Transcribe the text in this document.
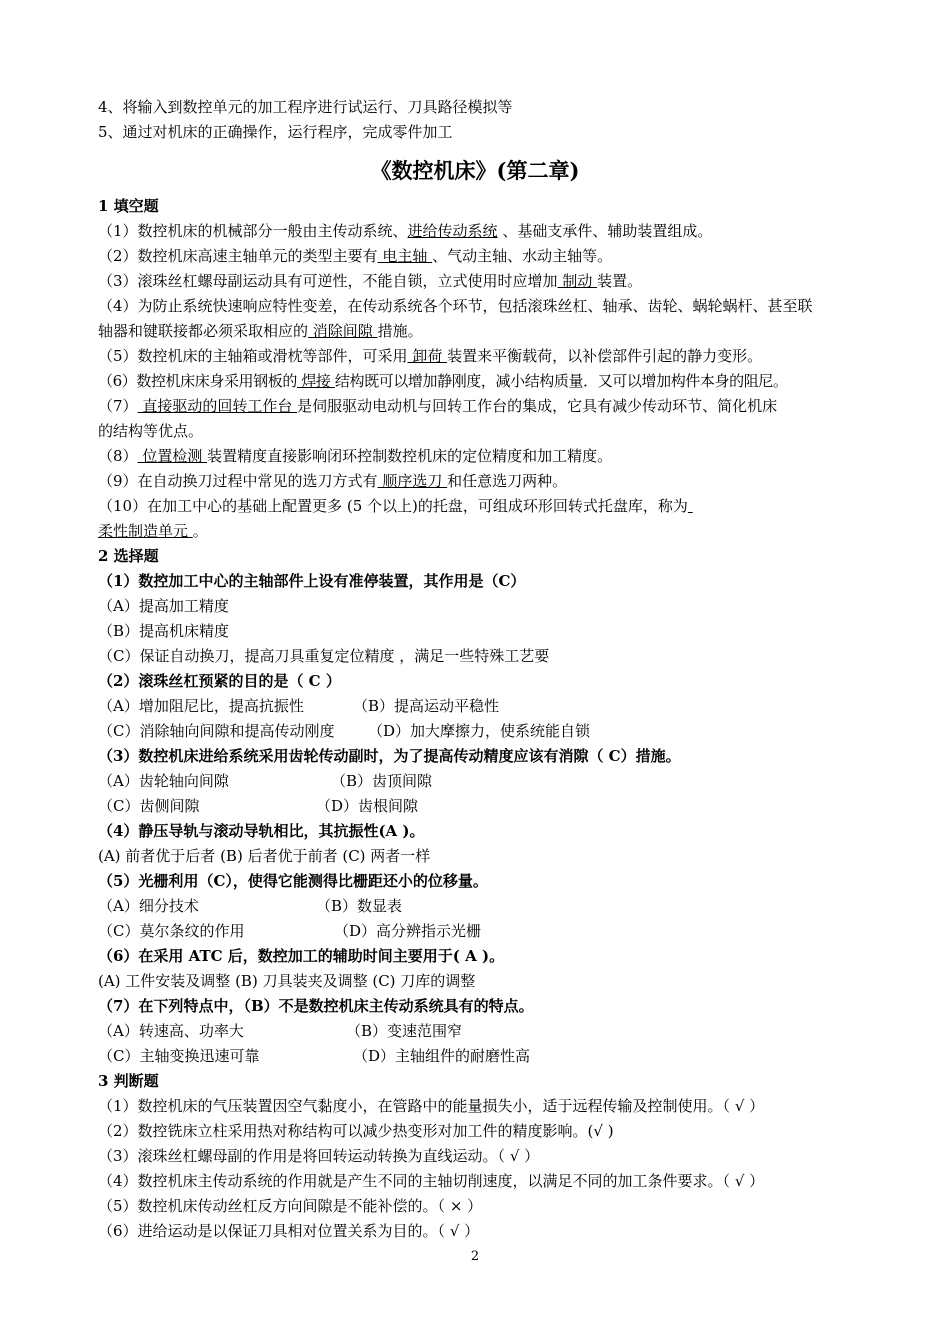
4、将输入到数控单元的加工程序进行试运行、刀具路径模拟等
5、通过对机床的正确操作，运行程序，完成零件加工
《数控机床》(第二章)
1 填空题
（1）数控机床的机械部分一般由主传动系统、进给传动系统 、基础支承件、辅助装置组成。
（2）数控机床高速主轴单元的类型主要有 电主轴 、气动主轴、水动主轴等。
（3）滚珠丝杠螺母副运动具有可逆性，不能自锁，立式使用时应增加 制动 装置。
（4）为防止系统快速响应特性变差，在传动系统各个环节，包括滚珠丝杠、轴承、齿轮、蜗轮蜗杆、甚至联
轴器和键联接都必须采取相应的 消除间隙 措施。
（5）数控机床的主轴箱或滑枕等部件，可采用 卸荷 装置来平衡载荷，以补偿部件引起的静力变形。
（6）数控机床床身采用钢板的 焊接 结构既可以增加静刚度，减小结构质量．又可以增加构件本身的阻尼。
（7） 直接驱动的回转工作台 是伺服驱动电动机与回转工作台的集成，它具有减少传动环节、简化机床
的结构等优点。
（8） 位置检测 装置精度直接影响闭环控制数控机床的定位精度和加工精度。
（9）在自动换刀过程中常见的选刀方式有 顺序选刀 和任意选刀两种。
（10）在加工中心的基础上配置更多 (5 个以上)的托盘，可组成环形回转式托盘库，称为
柔性制造单元 。
2 选择题
（1）数控加工中心的主轴部件上设有准停装置，其作用是（C）
（A）提高加工精度
（B）提高机床精度
（C）保证自动换刀，提高刀具重复定位精度 ，满足一些特殊工艺要
（2）滚珠丝杠预紧的目的是（ C ）
（A）增加阻尼比，提高抗振性	（B）提高运动平稳性
（C）消除轴向间隙和提高传动刚度 （D）加大摩擦力，使系统能自锁
（3）数控机床进给系统采用齿轮传动副时，为了提高传动精度应该有消隙（ C）措施。
（A）齿轮轴向间隙	（B）齿顶间隙
（C）齿侧间隙	（D）齿根间隙
（4）静压导轨与滚动导轨相比，其抗振性(A )。
(A) 前者优于后者 (B) 后者优于前者 (C) 两者一样
（5）光栅利用（C），使得它能测得比栅距还小的位移量。
（A）细分技术	（B）数显表
（C）莫尔条纹的作用	（D）高分辨指示光栅
（6）在采用 ATC 后，数控加工的辅助时间主要用于( A )。
(A) 工件安装及调整 (B) 刀具装夹及调整 (C) 刀库的调整
（7）在下列特点中，（B）不是数控机床主传动系统具有的特点。
（A）转速高、功率大	（B）变速范围窄
（C）主轴变换迅速可靠	（D）主轴组件的耐磨性高
3 判断题
（1）数控机床的气压装置因空气黏度小，在管路中的能量损失小，适于远程传输及控制使用。（ √ ）
（2）数控铣床立柱采用热对称结构可以减少热变形对加工件的精度影响。(√ )
（3）滚珠丝杠螺母副的作用是将回转运动转换为直线运动。（ √ ）
（4）数控机床主传动系统的作用就是产生不同的主轴切削速度，以满足不同的加工条件要求。（ √ ）
（5）数控机床传动丝杠反方向间隙是不能补偿的。（ × ）
（6）进给运动是以保证刀具相对位置关系为目的。（ √ ）
2
